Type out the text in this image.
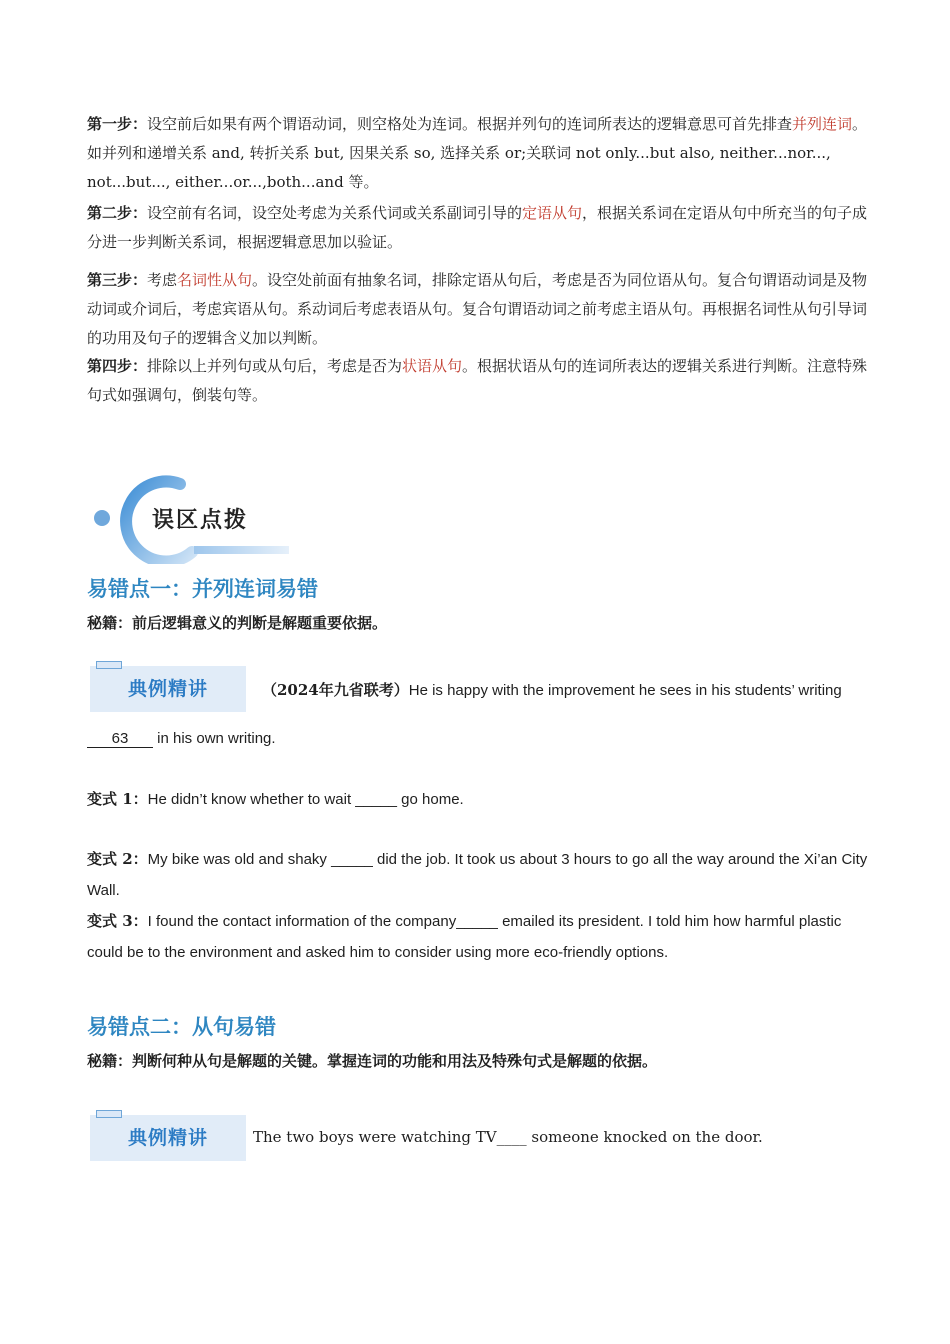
第一步：设空前后如果有两个谓语动词，则空格处为连词。根据并列句的连词所表达的逻辑意思可首先排查并列连词。如并列和递增关系 and, 转折关系 but, 因果关系 so, 选择关系 or;关联词 not only...but also, neither...nor..., not...but..., either...or...,both...and 等。

第二步：设空前有名词，设空处考虑为关系代词或关系副词引导的定语从句，根据关系词在定语从句中所充当的句子成分进一步判断关系词，根据逻辑意思加以验证。

第三步：考虑名词性从句。设空处前面有抽象名词，排除定语从句后，考虑是否为同位语从句。复合句谓语动词是及物动词或介词后，考虑宾语从句。系动词后考虑表语从句。复合句谓语动词之前考虑主语从句。再根据名词性从句引导词的功用及句子的逻辑含义加以判断。

第四步：排除以上并列句或从句后，考虑是否为状语从句。根据状语从句的连词所表达的逻辑关系进行判断。注意特殊句式如强调句，倒装句等。

误区点拨

易错点一：并列连词易错

秘籍：前后逻辑意义的判断是解题重要依据。

典例精讲	（2024年九省联考）He is happy with the improvement he sees in his students’ writing

63 in his own writing.

变式 1：He didn’t know whether to wait _____ go home.

变式 2：My bike was old and shaky _____ did the job. It took us about 3 hours to go all the way around the Xi’an City Wall.

变式 3：I found the contact information of the company_____ emailed its president. I told him how harmful plastic could be to the environment and asked him to consider using more eco-friendly options.

易错点二：从句易错

秘籍：判断何种从句是解题的关键。掌握连词的功能和用法及特殊句式是解题的依据。

典例精讲	The two boys were watching TV____ someone knocked on the door.
